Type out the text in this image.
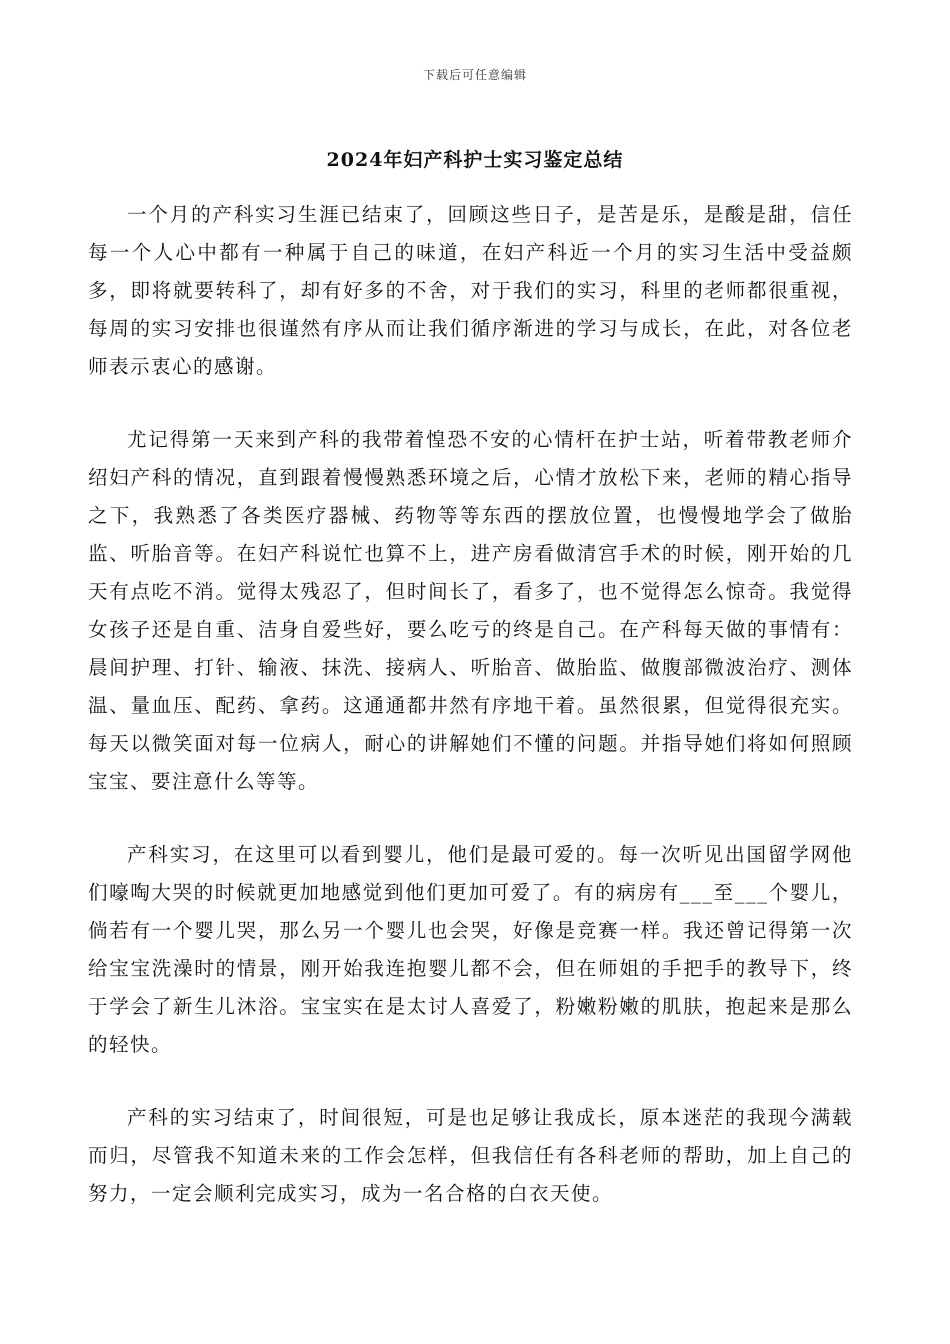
下载后可任意编辑
2024年妇产科护士实习鉴定总结

一个月的产科实习生涯已结束了，回顾这些日子，是苦是乐，是酸是甜，信任每一个人心中都有一种属于自己的味道，在妇产科近一个月的实习生活中受益颇多，即将就要转科了，却有好多的不舍，对于我们的实习，科里的老师都很重视，每周的实习安排也很谨然有序从而让我们循序渐进的学习与成长，在此，对各位老师表示衷心的感谢。

尤记得第一天来到产科的我带着惶恐不安的心情杆在护士站，听着带教老师介绍妇产科的情况，直到跟着慢慢熟悉环境之后，心情才放松下来，老师的精心指导之下，我熟悉了各类医疗器械、药物等等东西的摆放位置，也慢慢地学会了做胎监、听胎音等。在妇产科说忙也算不上，进产房看做清宫手术的时候，刚开始的几天有点吃不消。觉得太残忍了，但时间长了，看多了，也不觉得怎么惊奇。我觉得女孩子还是自重、洁身自爱些好，要么吃亏的终是自己。在产科每天做的事情有：晨间护理、打针、输液、抹洗、接病人、听胎音、做胎监、做腹部微波治疗、测体温、量血压、配药、拿药。这通通都井然有序地干着。虽然很累，但觉得很充实。每天以微笑面对每一位病人，耐心的讲解她们不懂的问题。并指导她们将如何照顾宝宝、要注意什么等等。

产科实习，在这里可以看到婴儿，他们是最可爱的。每一次听见出国留学网他们嚎啕大哭的时候就更加地感觉到他们更加可爱了。有的病房有___至___个婴儿，倘若有一个婴儿哭，那么另一个婴儿也会哭，好像是竞赛一样。我还曾记得第一次给宝宝洗澡时的情景，刚开始我连抱婴儿都不会，但在师姐的手把手的教导下，终于学会了新生儿沐浴。宝宝实在是太讨人喜爱了，粉嫩粉嫩的肌肤，抱起来是那么的轻快。

产科的实习结束了，时间很短，可是也足够让我成长，原本迷茫的我现今满载而归，尽管我不知道未来的工作会怎样，但我信任有各科老师的帮助，加上自己的努力，一定会顺利完成实习，成为一名合格的白衣天使。
